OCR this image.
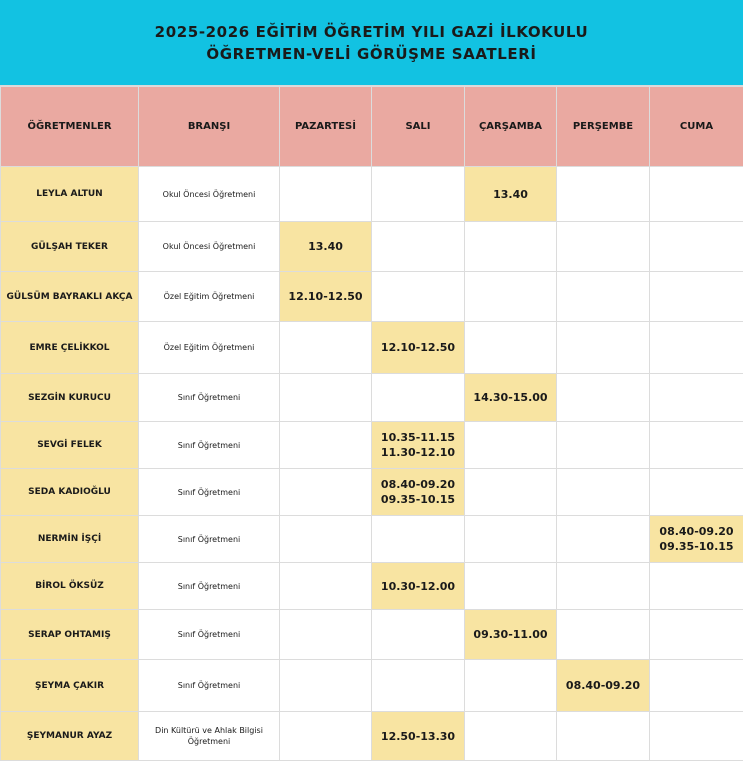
2025-2026 EĞİTİM ÖĞRETİM YILI GAZİ İLKOKULU
ÖĞRETMEN-VELİ GÖRÜŞME SAATLERİ
ÖĞRETMENLER	BRANŞI	PAZARTESİ	SALI	ÇARŞAMBA	PERŞEMBE	CUMA
LEYLA ALTUN	Okul Öncesi Öğretmeni			13.40		

GÜLŞAH TEKER	Okul Öncesi Öğretmeni	13.40				

GÜLSÜM BAYRAKLI AKÇA	Özel Eğitim Öğretmeni	12.10-12.50				

EMRE ÇELİKKOL	Özel Eğitim Öğretmeni		12.10-12.50			

SEZGİN KURUCU	Sınıf Öğretmeni			14.30-15.00		

SEVGİ FELEK	Sınıf Öğretmeni		10.35-11.15
11.30-12.10			

SEDA KADIOĞLU	Sınıf Öğretmeni		08.40-09.20
09.35-10.15			

NERMİN İŞÇİ	Sınıf Öğretmeni					08.40-09.20
09.35-10.15

BİROL ÖKSÜZ	Sınıf Öğretmeni		10.30-12.00			

SERAP OHTAMIŞ	Sınıf Öğretmeni			09.30-11.00		

ŞEYMA ÇAKIR	Sınıf Öğretmeni				08.40-09.20	

ŞEYMANUR AYAZ	Din Kültürü ve Ahlak Bilgisi
Öğretmeni		12.50-13.30			
